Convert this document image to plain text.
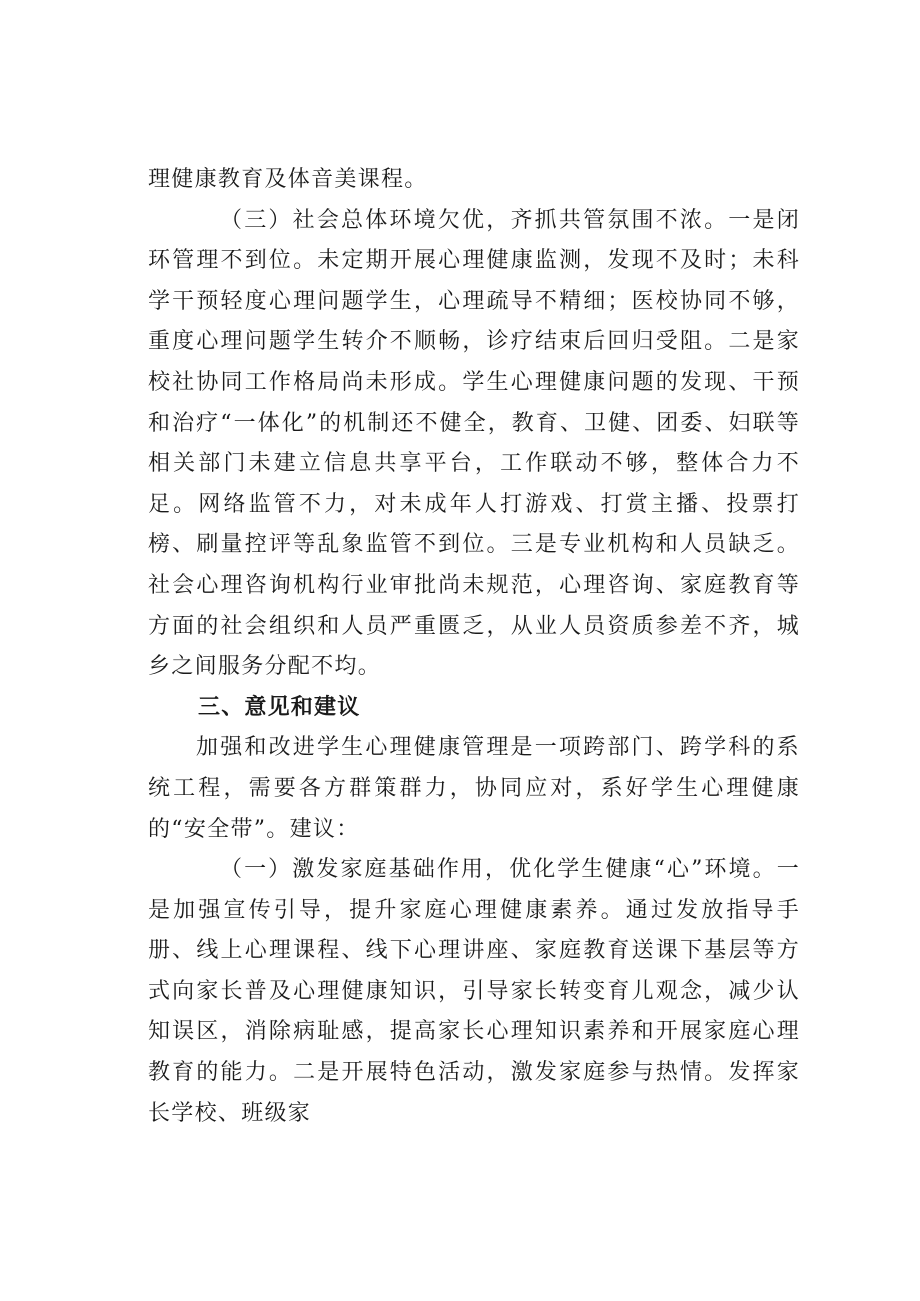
理健康教育及体音美课程。

（三）社会总体环境欠优，齐抓共管氛围不浓。一是闭环管理不到位。未定期开展心理健康监测，发现不及时；未科学干预轻度心理问题学生，心理疏导不精细；医校协同不够，重度心理问题学生转介不顺畅，诊疗结束后回归受阻。二是家校社协同工作格局尚未形成。学生心理健康问题的发现、干预和治疗“一体化”的机制还不健全，教育、卫健、团委、妇联等相关部门未建立信息共享平台，工作联动不够，整体合力不足。网络监管不力，对未成年人打游戏、打赏主播、投票打榜、刷量控评等乱象监管不到位。三是专业机构和人员缺乏。社会心理咨询机构行业审批尚未规范，心理咨询、家庭教育等方面的社会组织和人员严重匮乏，从业人员资质参差不齐，城乡之间服务分配不均。

三、意见和建议

加强和改进学生心理健康管理是一项跨部门、跨学科的系统工程，需要各方群策群力，协同应对，系好学生心理健康的“安全带”。建议：

（一）激发家庭基础作用，优化学生健康“心”环境。一是加强宣传引导，提升家庭心理健康素养。通过发放指导手册、线上心理课程、线下心理讲座、家庭教育送课下基层等方式向家长普及心理健康知识，引导家长转变育儿观念，减少认知误区，消除病耻感，提高家长心理知识素养和开展家庭心理教育的能力。二是开展特色活动，激发家庭参与热情。发挥家长学校、班级家
